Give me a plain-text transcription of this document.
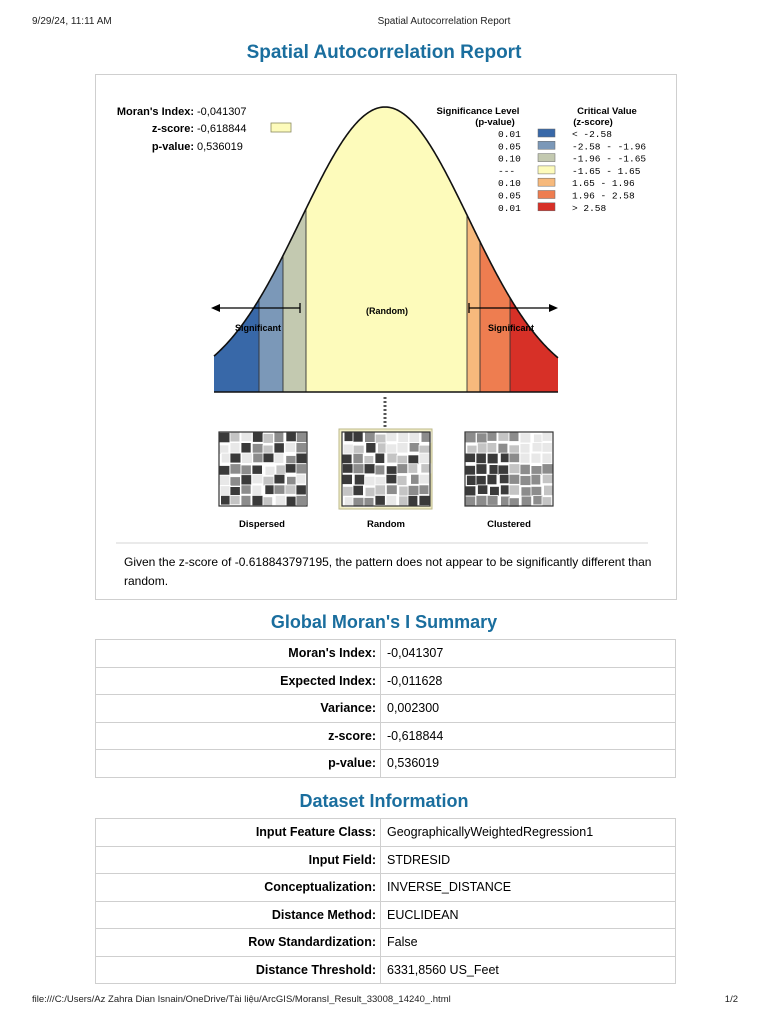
9/29/24, 11:11 AM	Spatial Autocorrelation Report
Spatial Autocorrelation Report
Moran's Index: -0,041307
z-score: -0,618844
p-value: 0,536019
Significance Level
(p-value)
Critical Value
(z-score)
0.01	< -2.58
0.05	-2.58 - -1.96
0.10	-1.96 - -1.65
---	-1.65 - 1.65
0.10	1.65 - 1.96
0.05	1.96 - 2.58
0.01	> 2.58
Significant	Significant
(Random)
Dispersed	Random	Clustered
Given the z-score of -0.618843797195, the pattern does not appear to be significantly different than random.
Global Moran's I Summary
Moran's Index:	-0,041307
Expected Index:	-0,011628
Variance:	0,002300
z-score:	-0,618844
p-value:	0,536019
Dataset Information
Input Feature Class:	GeographicallyWeightedRegression1
Input Field:	STDRESID
Conceptualization:	INVERSE_DISTANCE
Distance Method:	EUCLIDEAN
Row Standardization:	False
Distance Threshold:	6331,8560 US_Feet
file:///C:/Users/Az Zahra Dian Isnain/OneDrive/Tài liệu/ArcGIS/MoransI_Result_33008_14240_.html	1/2
